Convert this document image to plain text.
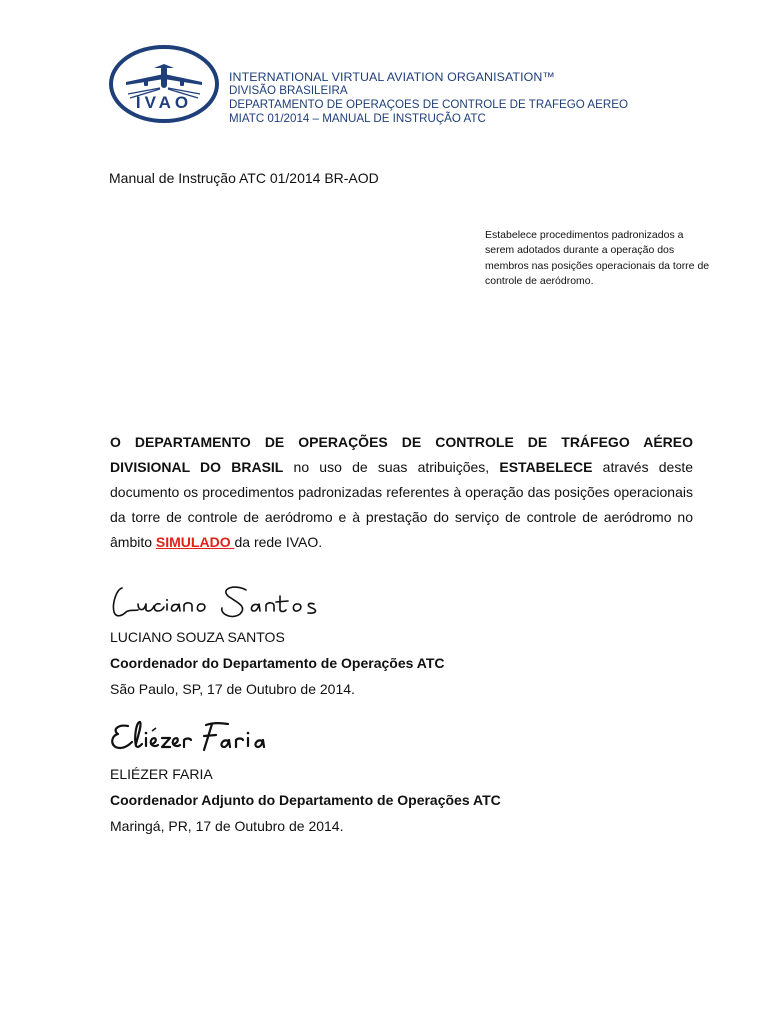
IVAO
INTERNATIONAL VIRTUAL AVIATION ORGANISATION™
DIVISÃO BRASILEIRA
DEPARTAMENTO DE OPERAÇOES DE CONTROLE DE TRAFEGO AEREO
MIATC 01/2014 – MANUAL DE INSTRUÇÃO ATC
Manual de Instrução ATC 01/2014 BR-AOD
Estabelece procedimentos padronizados a
serem adotados durante a operação dos
membros nas posições operacionais da torre de
controle de aeródromo.
O DEPARTAMENTO DE OPERAÇÕES DE CONTROLE DE TRÁFEGO AÉREO DIVISIONAL DO BRASIL no uso de suas atribuições, ESTABELECE através deste documento os procedimentos padronizadas referentes à operação das posições operacionais da torre de controle de aeródromo e à prestação do serviço de controle de aeródromo no âmbito SIMULADO da rede IVAO.
Luciano Santos
LUCIANO SOUZA SANTOS
Coordenador do Departamento de Operações ATC
São Paulo, SP, 17 de Outubro de 2014.
Elièzer Faria
ELIÉZER FARIA
Coordenador Adjunto do Departamento de Operações ATC
Maringá, PR, 17 de Outubro de 2014.
